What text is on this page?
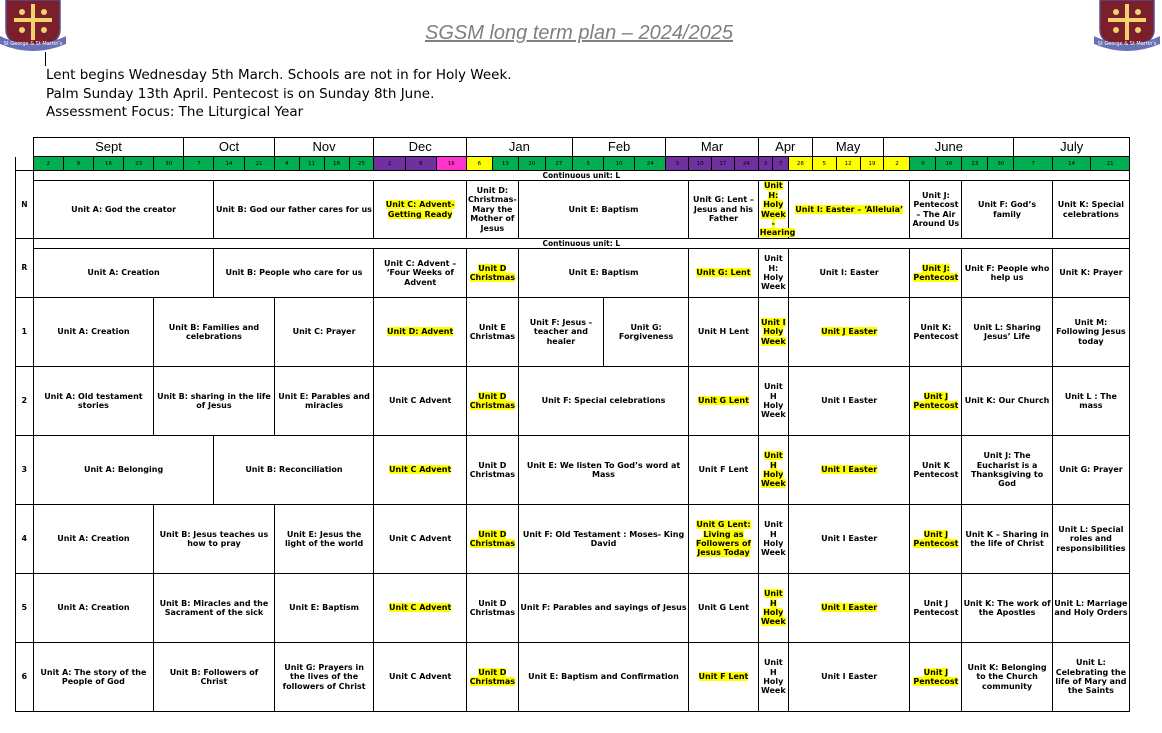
St George & St Martin's	St George & St Martin's
SGSM long term plan – 2024/2025
Lent begins Wednesday 5th March. Schools are not in for Holy Week.
Palm Sunday 13th April. Pentecost is on Sunday 8th June.
Assessment Focus: The Liturgical Year
	Sept					Oct			Nov				Dec			Jan				Feb			Mar				Apr			May			June					July		
	2	9	16	23	30	7	14	21	4	11	18	25	2	9	16	6	13	20	27	3	10	24	3	10	17	24	3	7	28	5	12	19	2	9	16	23	30	7	14	21
N	Continuous unit: L																																							
	Unit A: God the creator						Unit B: God our father cares for us						Unit C: Advent- Getting Ready			Unit D: Christmas- Mary the Mother of Jesus		Unit E: Baptism						Unit G: Lent – Jesus and his Father			Unit H: Holy Week - Hearing		Unit I: Easter – ‘Alleluia’					Unit J: Pentecost – The Air Around Us		Unit F: God’s family			Unit K: Special celebrations	
R	Continuous unit: L																																							
	Unit A: Creation						Unit B: People who care for us						Unit C: Advent – ‘Four Weeks of Advent			Unit D Christmas		Unit E: Baptism						Unit G: Lent			Unit H: Holy Week		Unit I: Easter					Unit J: Pentecost		Unit F: People who help us			Unit K: Prayer	
1	Unit A: Creation				Unit B: Families and celebrations				Unit C: Prayer				Unit D: Advent			Unit E Christmas		Unit F: Jesus - teacher and healer			Unit G: Forgiveness			Unit H Lent			Unit I Holy Week		Unit J Easter					Unit K: Pentecost		Unit L: Sharing Jesus’ Life			Unit M: Following Jesus today	
2	Unit A: Old testament stories				Unit B: sharing in the life of Jesus				Unit E: Parables and miracles				Unit C Advent			Unit D Christmas		Unit F: Special celebrations						Unit G Lent			Unit H Holy Week		Unit I Easter					Unit J Pentecost		Unit K: Our Church			Unit L : The mass	
3	Unit A: Belonging						Unit B: Reconciliation						Unit C Advent			Unit D Christmas		Unit E: We listen To God’s word at Mass						Unit F Lent			Unit H Holy Week		Unit I Easter					Unit K Pentecost		Unit J: The Eucharist is a Thanksgiving to God			Unit G: Prayer	
4	Unit A: Creation				Unit B: Jesus teaches us how to pray				Unit E: Jesus the light of the world				Unit C Advent			Unit D Christmas		Unit F: Old Testament : Moses- King David						Unit G Lent: Living as Followers of Jesus Today			Unit H Holy Week		Unit I Easter					Unit J Pentecost		Unit K – Sharing in the life of Christ			Unit L: Special roles and responsibilities	
5	Unit A: Creation				Unit B: Miracles and the Sacrament of the sick				Unit E: Baptism				Unit C Advent			Unit D Christmas		Unit F: Parables and sayings of Jesus						Unit G Lent			Unit H Holy Week		Unit I Easter					Unit J Pentecost		Unit K: The work of the Apostles			Unit L: Marriage and Holy Orders	
6	Unit A: The story of the People of God				Unit B: Followers of Christ				Unit G: Prayers in the lives of the followers of Christ				Unit C Advent			Unit D Christmas		Unit E: Baptism and Confirmation						Unit F Lent			Unit H Holy Week		Unit I Easter					Unit J Pentecost		Unit K: Belonging to the Church community			Unit L: Celebrating the life of Mary and the Saints	
